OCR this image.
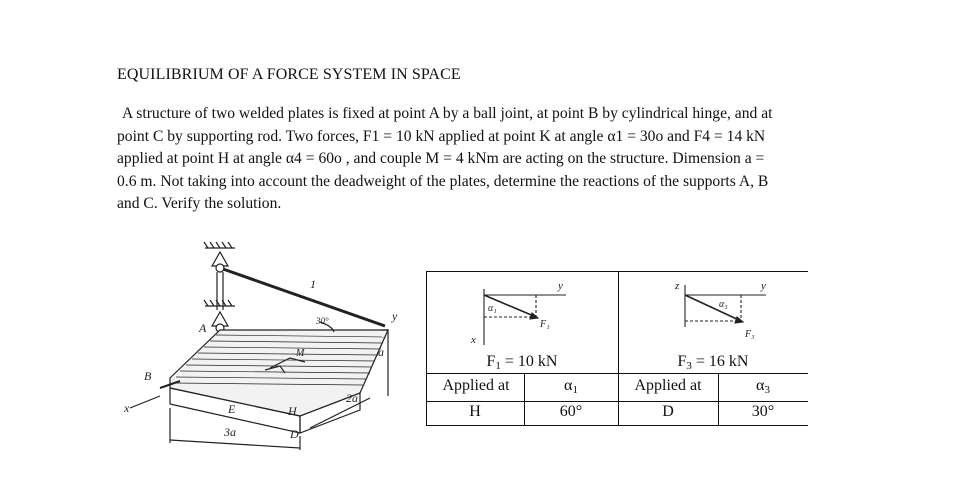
EQUILIBRIUM OF A FORCE SYSTEM IN SPACE
A structure of two welded plates is fixed at point A by a ball joint, at point B by cylindrical hinge, and at
point C by supporting rod. Two forces, F1 = 10 kN applied at point K at angle α1 = 30o and F4 = 14 kN
applied at point H at angle α4 = 60o , and couple M = 4 kNm are acting on the structure. Dimension a =
0.6 m. Not taking into account the deadweight of the plates, determine the reactions of the supports A, B
and C. Verify the solution.
A
B
E	H
D
x
y
1
30°
M
3a
2a
a
x
y
α₁
F₁
z	y
α₃
F₃
$F_1 = 10$ kN	$F_3 = 16$ kN
Applied at	$\alpha_1$	Applied at	$\alpha_3$
H	60°	D	30°
